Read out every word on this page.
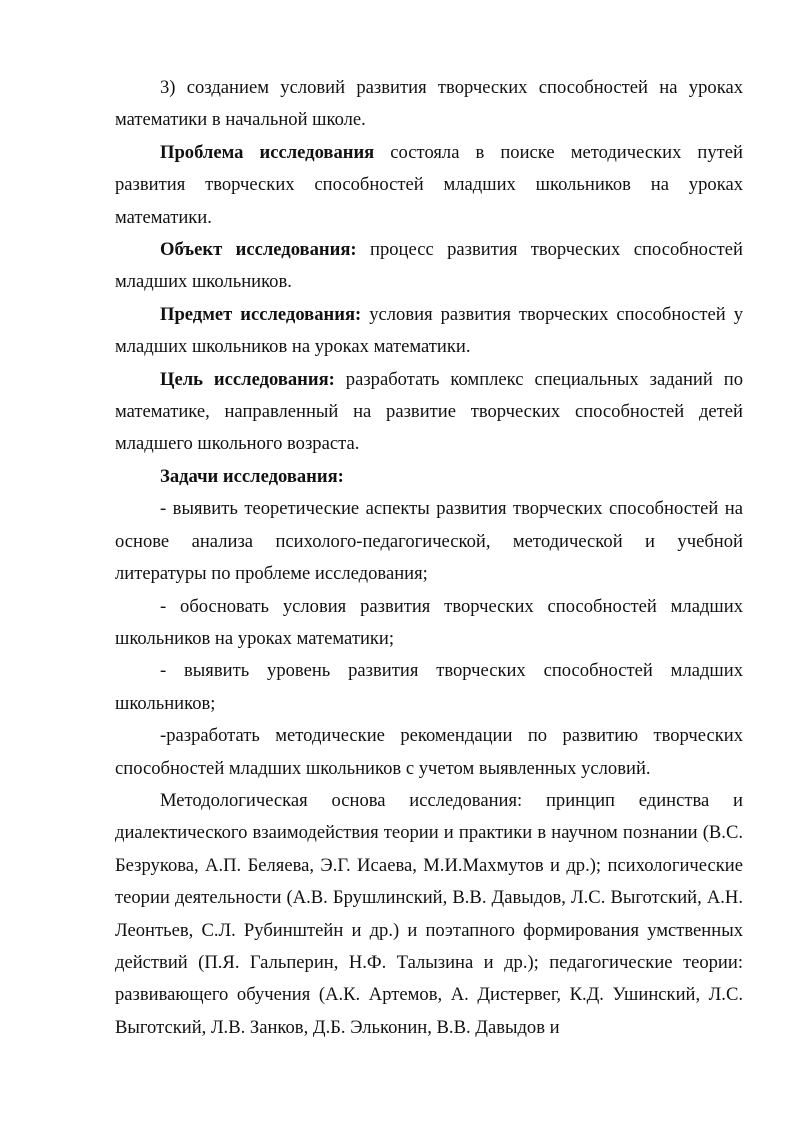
3) созданием условий развития творческих способностей на уроках математики в начальной школе.

Проблема исследования состояла в поиске методических путей развития творческих способностей младших школьников на уроках математики.

Объект исследования: процесс развития творческих способностей младших школьников.

Предмет исследования: условия развития творческих способностей у младших школьников на уроках математики.

Цель исследования: разработать комплекс специальных заданий по математике, направленный на развитие творческих способностей детей младшего школьного возраста.

Задачи исследования:

- выявить теоретические аспекты развития творческих способностей на основе анализа психолого-педагогической, методической и учебной литературы по проблеме исследования;

- обосновать условия развития творческих способностей младших школьников на уроках математики;

- выявить уровень развития творческих способностей младших школьников;

-разработать методические рекомендации по развитию творческих способностей младших школьников с учетом выявленных условий.

Методологическая основа исследования: принцип единства и диалектического взаимодействия теории и практики в научном познании (В.С. Безрукова, А.П. Беляева, Э.Г. Исаева, М.И.Махмутов и др.); психологические теории деятельности (А.В. Брушлинский, В.В. Давыдов, Л.С. Выготский, А.Н. Леонтьев, С.Л. Рубинштейн и др.) и поэтапного формирования умственных действий (П.Я. Гальперин, Н.Ф. Талызина и др.); педагогические теории: развивающего обучения (А.К. Артемов, А. Дистервег, К.Д. Ушинский, Л.С. Выготский, Л.В. Занков, Д.Б. Эльконин, В.В. Давыдов и
